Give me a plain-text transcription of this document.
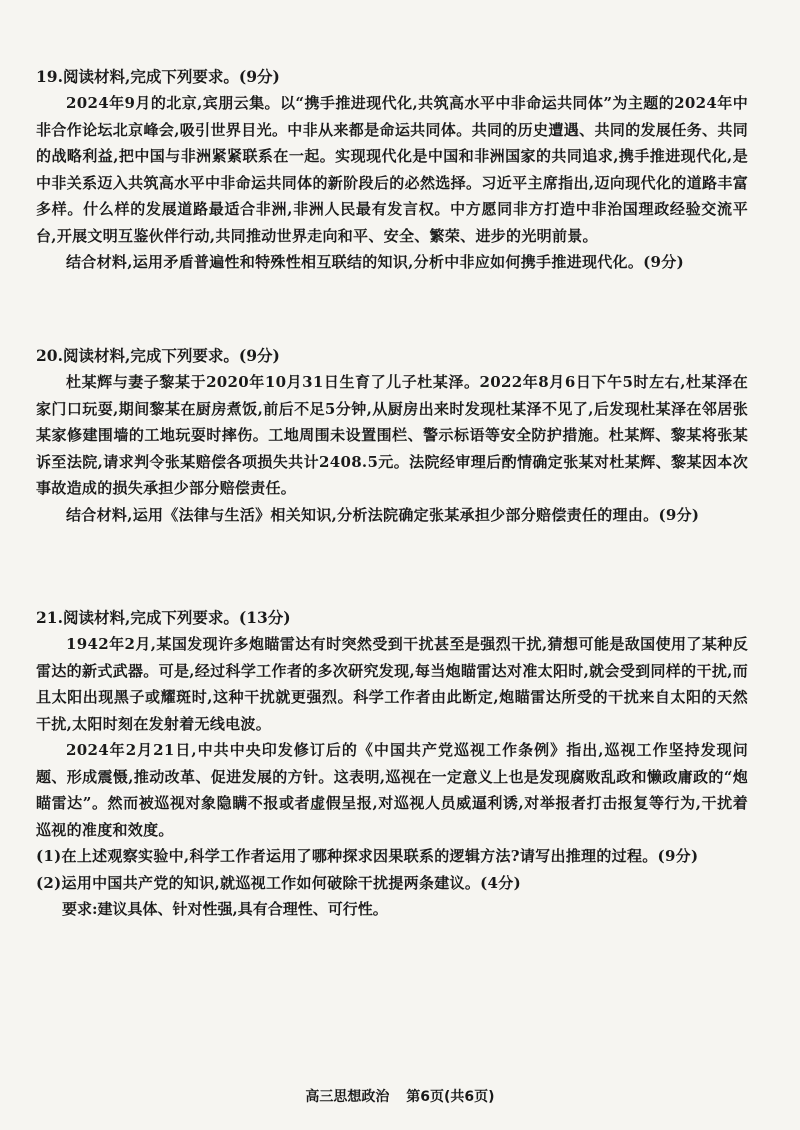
19.阅读材料,完成下列要求。(9分)

2024年9月的北京,宾朋云集。以“携手推进现代化,共筑高水平中非命运共同体”为主题的2024年中非合作论坛北京峰会,吸引世界目光。中非从来都是命运共同体。共同的历史遭遇、共同的发展任务、共同的战略利益,把中国与非洲紧紧联系在一起。实现现代化是中国和非洲国家的共同追求,携手推进现代化,是中非关系迈入共筑高水平中非命运共同体的新阶段后的必然选择。习近平主席指出,迈向现代化的道路丰富多样。什么样的发展道路最适合非洲,非洲人民最有发言权。中方愿同非方打造中非治国理政经验交流平台,开展文明互鉴伙伴行动,共同推动世界走向和平、安全、繁荣、进步的光明前景。

结合材料,运用矛盾普遍性和特殊性相互联结的知识,分析中非应如何携手推进现代化。(9分)

20.阅读材料,完成下列要求。(9分)

杜某辉与妻子黎某于2020年10月31日生育了儿子杜某泽。2022年8月6日下午5时左右,杜某泽在家门口玩耍,期间黎某在厨房煮饭,前后不足5分钟,从厨房出来时发现杜某泽不见了,后发现杜某泽在邻居张某家修建围墙的工地玩耍时摔伤。工地周围未设置围栏、警示标语等安全防护措施。杜某辉、黎某将张某诉至法院,请求判令张某赔偿各项损失共计2408.5元。法院经审理后酌情确定张某对杜某辉、黎某因本次事故造成的损失承担少部分赔偿责任。

结合材料,运用《法律与生活》相关知识,分析法院确定张某承担少部分赔偿责任的理由。(9分)

21.阅读材料,完成下列要求。(13分)

1942年2月,某国发现许多炮瞄雷达有时突然受到干扰甚至是强烈干扰,猜想可能是敌国使用了某种反雷达的新式武器。可是,经过科学工作者的多次研究发现,每当炮瞄雷达对准太阳时,就会受到同样的干扰,而且太阳出现黑子或耀斑时,这种干扰就更强烈。科学工作者由此断定,炮瞄雷达所受的干扰来自太阳的天然干扰,太阳时刻在发射着无线电波。

2024年2月21日,中共中央印发修订后的《中国共产党巡视工作条例》指出,巡视工作坚持发现问题、形成震慑,推动改革、促进发展的方针。这表明,巡视在一定意义上也是发现腐败乱政和懒政庸政的“炮瞄雷达”。然而被巡视对象隐瞒不报或者虚假呈报,对巡视人员威逼利诱,对举报者打击报复等行为,干扰着巡视的准度和效度。

(1)在上述观察实验中,科学工作者运用了哪种探求因果联系的逻辑方法?请写出推理的过程。(9分)

(2)运用中国共产党的知识,就巡视工作如何破除干扰提两条建议。(4分)

要求:建议具体、针对性强,具有合理性、可行性。

高三思想政治 第6页(共6页)
